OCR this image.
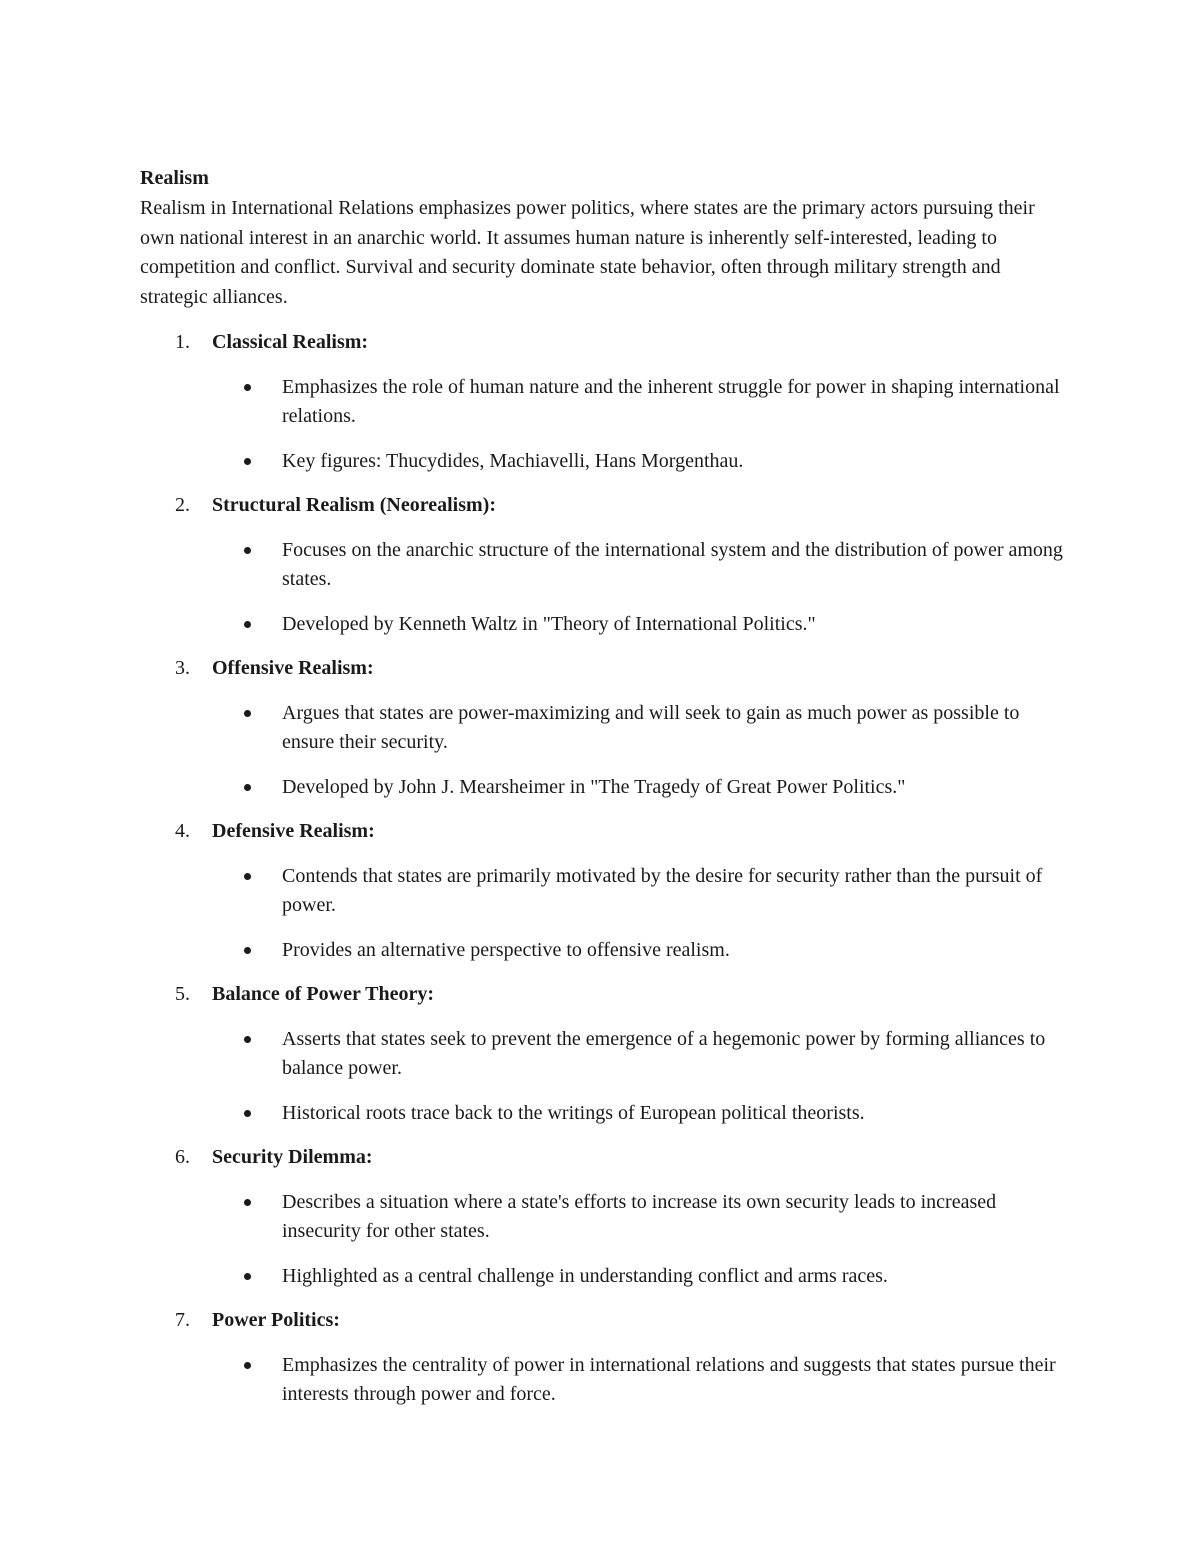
Realism

Realism in International Relations emphasizes power politics, where states are the primary actors pursuing their own national interest in an anarchic world. It assumes human nature is inherently self-interested, leading to competition and conflict. Survival and security dominate state behavior, often through military strength and strategic alliances.

1. Classical Realism:
Emphasizes the role of human nature and the inherent struggle for power in shaping international relations.
Key figures: Thucydides, Machiavelli, Hans Morgenthau.
2. Structural Realism (Neorealism):
Focuses on the anarchic structure of the international system and the distribution of power among states.
Developed by Kenneth Waltz in "Theory of International Politics."
3. Offensive Realism:
Argues that states are power-maximizing and will seek to gain as much power as possible to ensure their security.
Developed by John J. Mearsheimer in "The Tragedy of Great Power Politics."
4. Defensive Realism:
Contends that states are primarily motivated by the desire for security rather than the pursuit of power.
Provides an alternative perspective to offensive realism.
5. Balance of Power Theory:
Asserts that states seek to prevent the emergence of a hegemonic power by forming alliances to balance power.
Historical roots trace back to the writings of European political theorists.
6. Security Dilemma:
Describes a situation where a state's efforts to increase its own security leads to increased insecurity for other states.
Highlighted as a central challenge in understanding conflict and arms races.
7. Power Politics:
Emphasizes the centrality of power in international relations and suggests that states pursue their interests through power and force.
